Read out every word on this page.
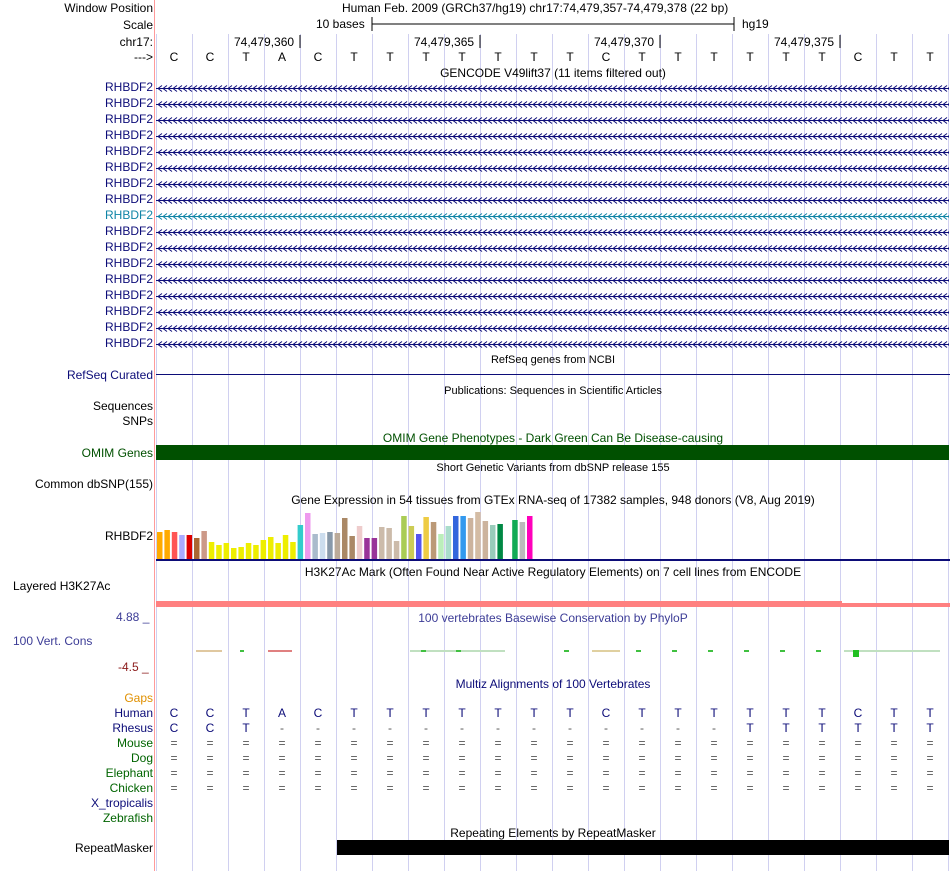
Window Position	Human Feb. 2009 (GRCh37/hg19) chr17:74,479,357-74,479,378 (22 bp)
Scale	10 bases	hg19
chr17:	74,479,360	74,479,365	74,479,370	74,479,375
--->	C	C	T	A	C	T	T	T	T	T	T	T	C	T	T	T	T	T	T	C	T	T
GENCODE V49lift37 (11 items filtered out)
RHBDF2
RHBDF2
RHBDF2
RHBDF2
RHBDF2
RHBDF2
RHBDF2
RHBDF2
RHBDF2
RHBDF2
RHBDF2
RHBDF2
RHBDF2
RHBDF2
RHBDF2
RHBDF2
RHBDF2
RefSeq genes from NCBI
RefSeq Curated
Publications: Sequences in Scientific Articles
Sequences
SNPs
OMIM Gene Phenotypes - Dark Green Can Be Disease-causing
OMIM Genes
Short Genetic Variants from dbSNP release 155
Common dbSNP(155)
Gene Expression in 54 tissues from GTEx RNA-seq of 17382 samples, 948 donors (V8, Aug 2019)
RHBDF2
H3K27Ac Mark (Often Found Near Active Regulatory Elements) on 7 cell lines from ENCODE
Layered H3K27Ac
100 vertebrates Basewise Conservation by PhyloP
4.88 _
100 Vert. Cons
-4.5 _
Multiz Alignments of 100 Vertebrates
Gaps
Human	C	C	T	A	C	T	T	T	T	T	T	T	C	T	T	T	T	T	T	C	T	T
Rhesus	C	C	T	-	-	-	-	-	-	-	-	-	-	-	-	-	T	T	T	T	T	T
Mouse	=	=	=	=	=	=	=	=	=	=	=	=	=	=	=	=	=	=	=	=	=	=
Dog	=	=	=	=	=	=	=	=	=	=	=	=	=	=	=	=	=	=	=	=	=	=
Elephant	=	=	=	=	=	=	=	=	=	=	=	=	=	=	=	=	=	=	=	=	=	=
Chicken	=	=	=	=	=	=	=	=	=	=	=	=	=	=	=	=	=	=	=	=	=	=
X_tropicalis
Zebrafish
Repeating Elements by RepeatMasker
RepeatMasker
